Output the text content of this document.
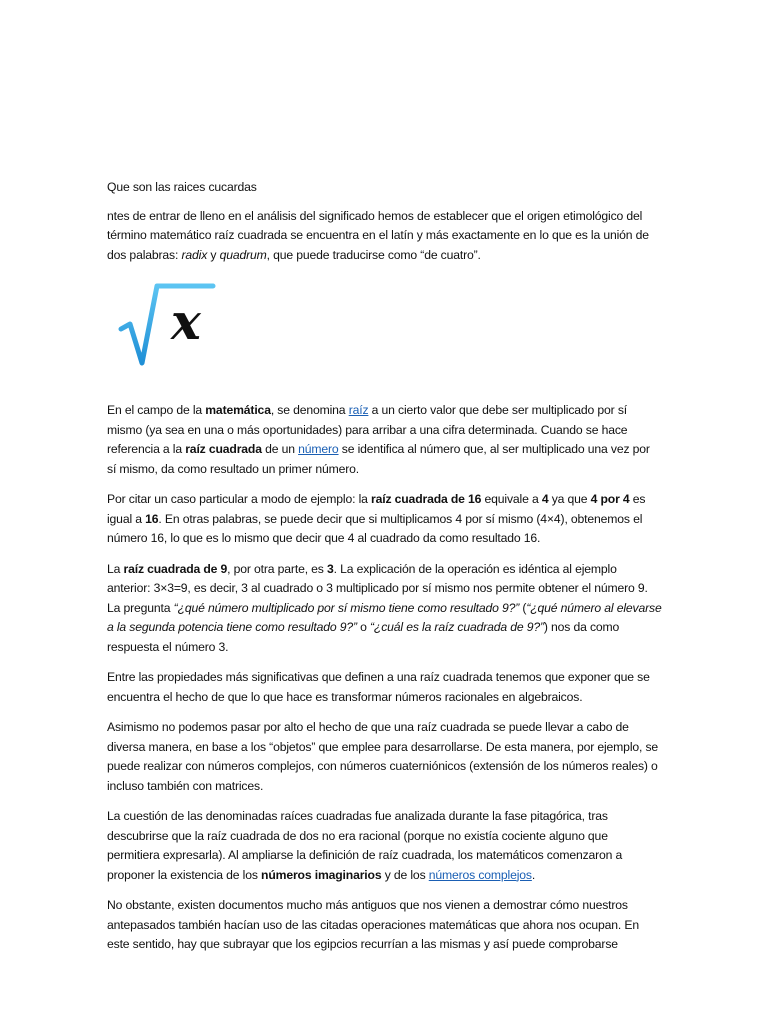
Que son las raices cucardas

ntes de entrar de lleno en el análisis del significado hemos de establecer que el origen etimológico del término matemático raíz cuadrada se encuentra en el latín y más exactamente en lo que es la unión de dos palabras: radix y quadrum, que puede traducirse como “de cuatro”.

x

En el campo de la matemática, se denomina raíz a un cierto valor que debe ser multiplicado por sí mismo (ya sea en una o más oportunidades) para arribar a una cifra determinada. Cuando se hace referencia a la raíz cuadrada de un número se identifica al número que, al ser multiplicado una vez por sí mismo, da como resultado un primer número.

Por citar un caso particular a modo de ejemplo: la raíz cuadrada de 16 equivale a 4 ya que 4 por 4 es igual a 16. En otras palabras, se puede decir que si multiplicamos 4 por sí mismo (4×4), obtenemos el número 16, lo que es lo mismo que decir que 4 al cuadrado da como resultado 16.

La raíz cuadrada de 9, por otra parte, es 3. La explicación de la operación es idéntica al ejemplo anterior: 3×3=9, es decir, 3 al cuadrado o 3 multiplicado por sí mismo nos permite obtener el número 9. La pregunta “¿qué número multiplicado por sí mismo tiene como resultado 9?” (“¿qué número al elevarse a la segunda potencia tiene como resultado 9?” o “¿cuál es la raíz cuadrada de 9?”) nos da como respuesta el número 3.

Entre las propiedades más significativas que definen a una raíz cuadrada tenemos que exponer que se encuentra el hecho de que lo que hace es transformar números racionales en algebraicos.

Asimismo no podemos pasar por alto el hecho de que una raíz cuadrada se puede llevar a cabo de diversa manera, en base a los “objetos” que emplee para desarrollarse. De esta manera, por ejemplo, se puede realizar con números complejos, con números cuaterniónicos (extensión de los números reales) o incluso también con matrices.

La cuestión de las denominadas raíces cuadradas fue analizada durante la fase pitagórica, tras descubrirse que la raíz cuadrada de dos no era racional (porque no existía cociente alguno que permitiera expresarla). Al ampliarse la definición de raíz cuadrada, los matemáticos comenzaron a proponer la existencia de los números imaginarios y de los números complejos.

No obstante, existen documentos mucho más antiguos que nos vienen a demostrar cómo nuestros antepasados también hacían uso de las citadas operaciones matemáticas que ahora nos ocupan. En este sentido, hay que subrayar que los egipcios recurrían a las mismas y así puede comprobarse
